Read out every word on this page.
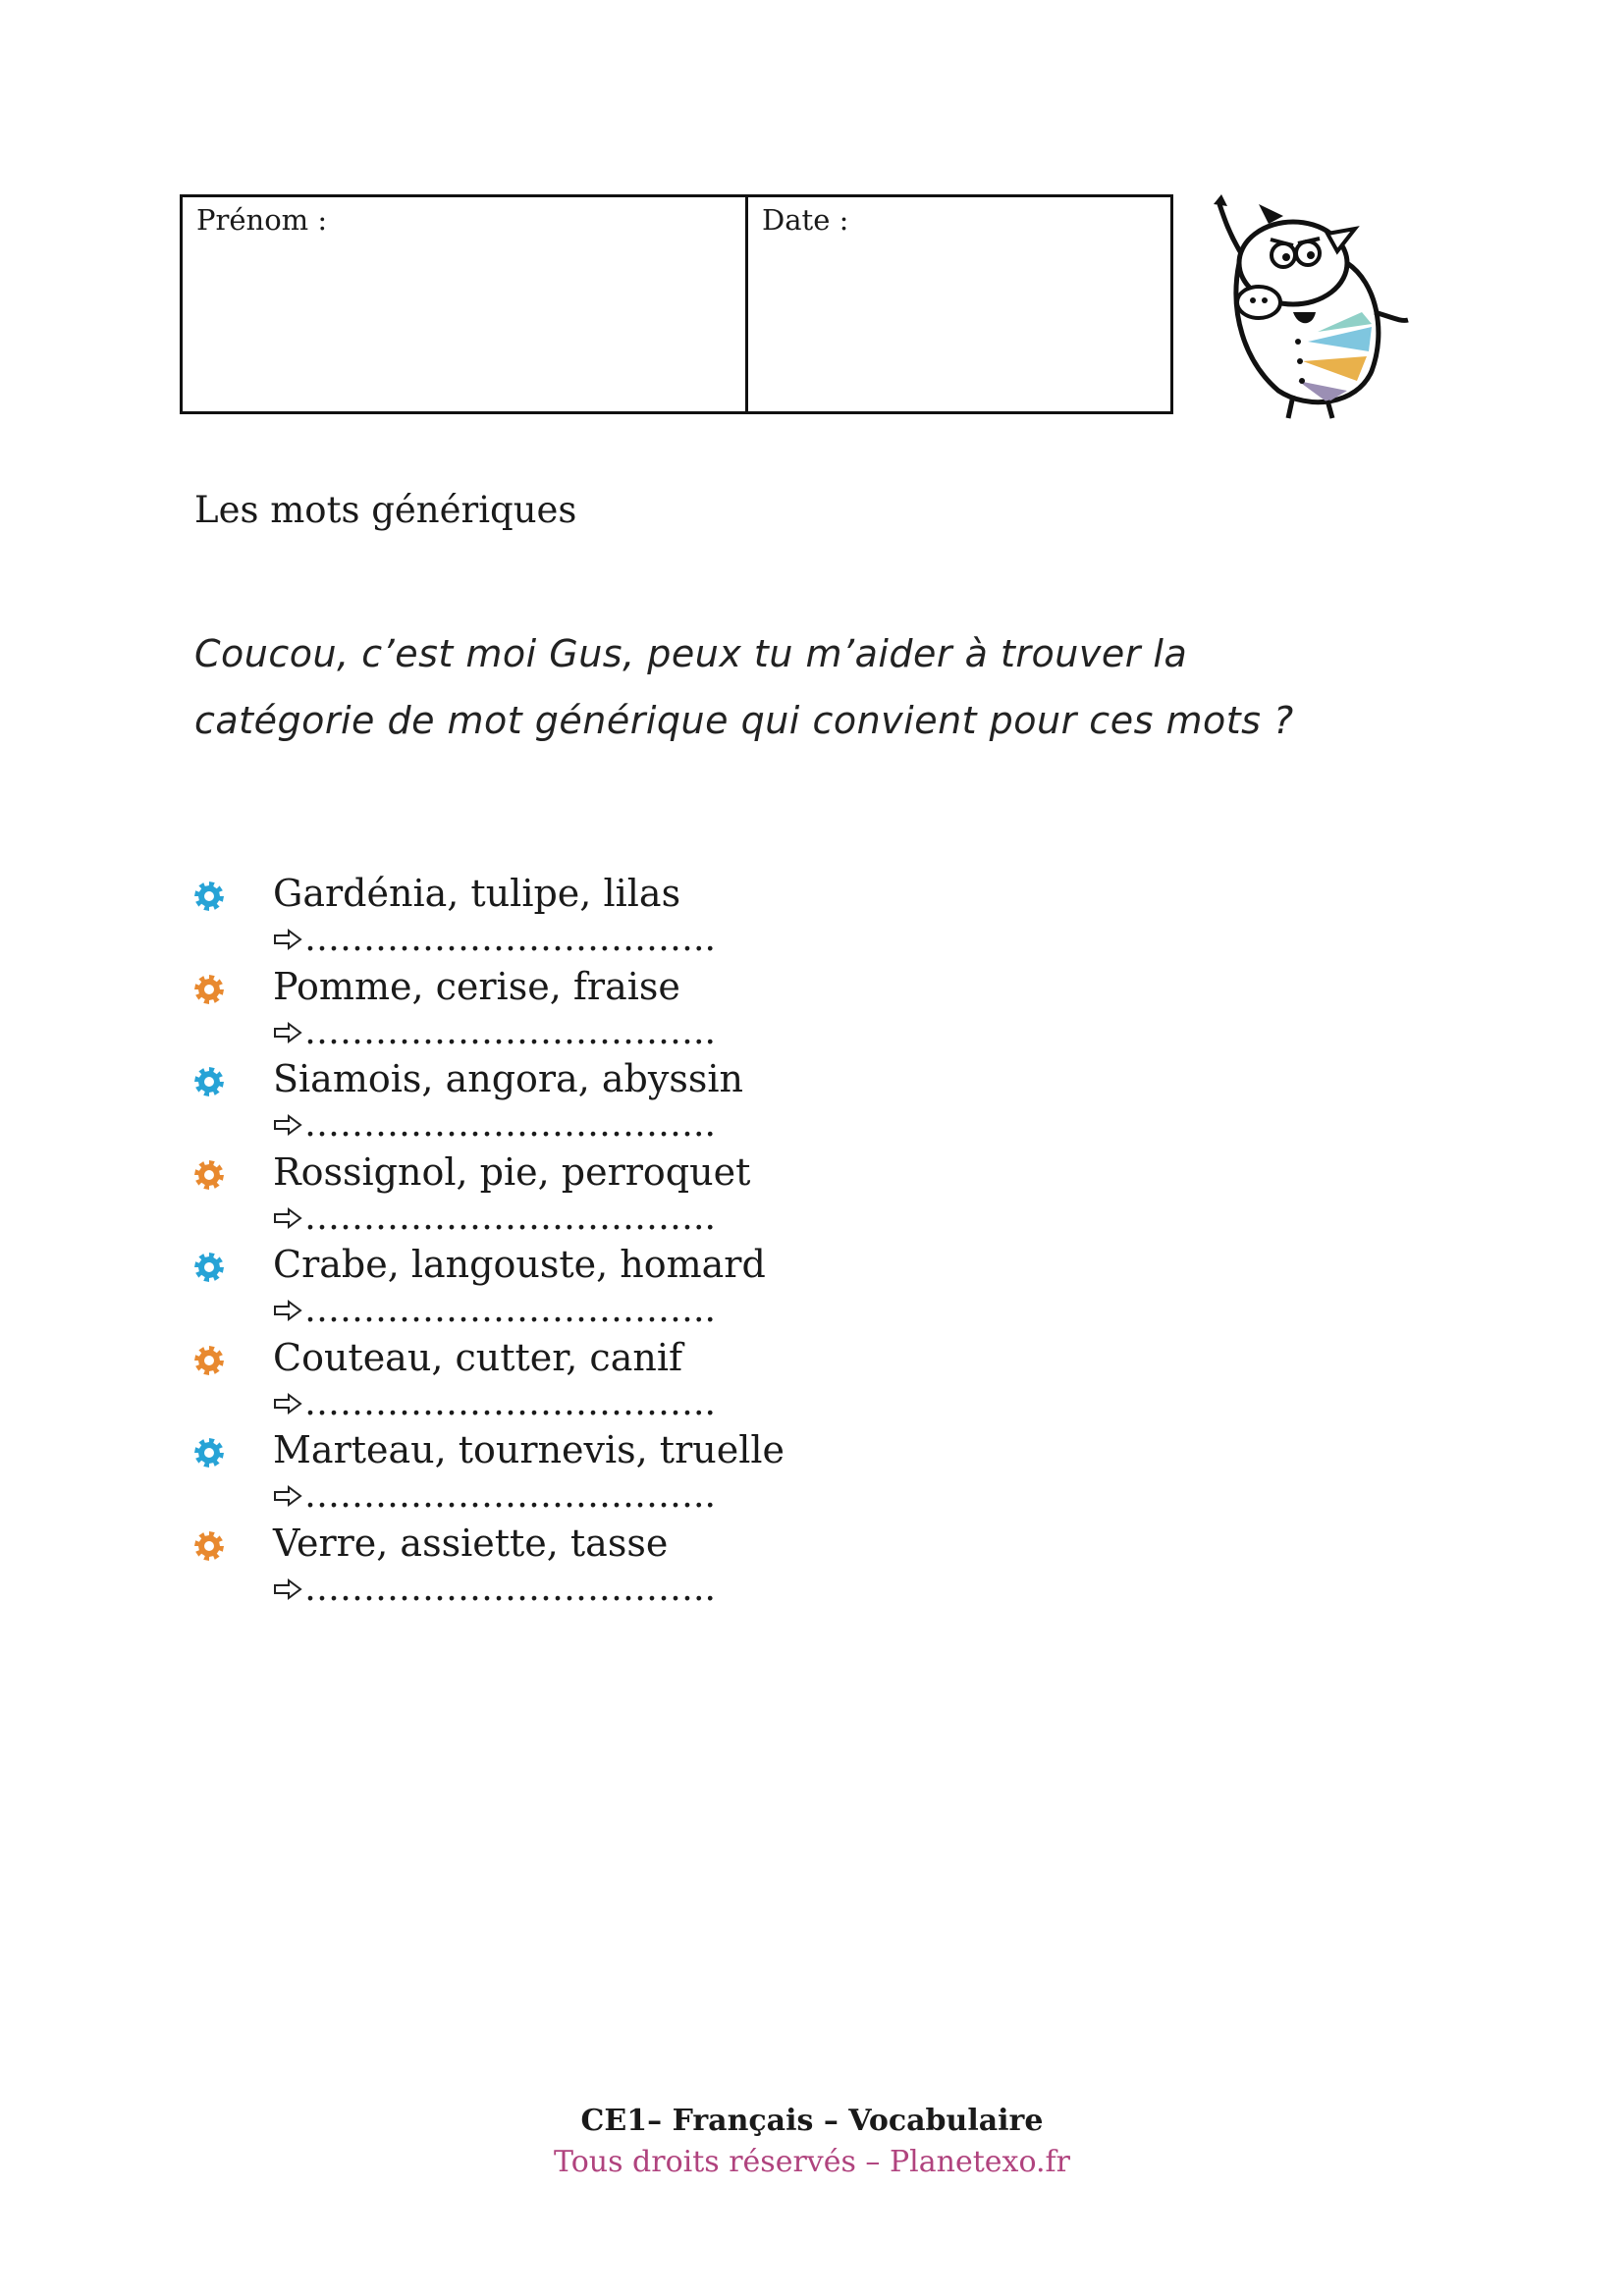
Prénom :	Date :
Les mots génériques
Coucou, c’est moi Gus, peux tu m’aider à trouver la
catégorie de mot générique qui convient pour ces mots ?
Gardénia, tulipe, lilas
……………………………..
Pomme, cerise, fraise
……………………………..
Siamois, angora, abyssin
……………………………..
Rossignol, pie, perroquet
……………………………..
Crabe, langouste, homard
……………………………..
Couteau, cutter, canif
……………………………..
Marteau, tournevis, truelle
……………………………..
Verre, assiette, tasse
……………………………..
CE1– Français – Vocabulaire
Tous droits réservés – Planetexo.fr
